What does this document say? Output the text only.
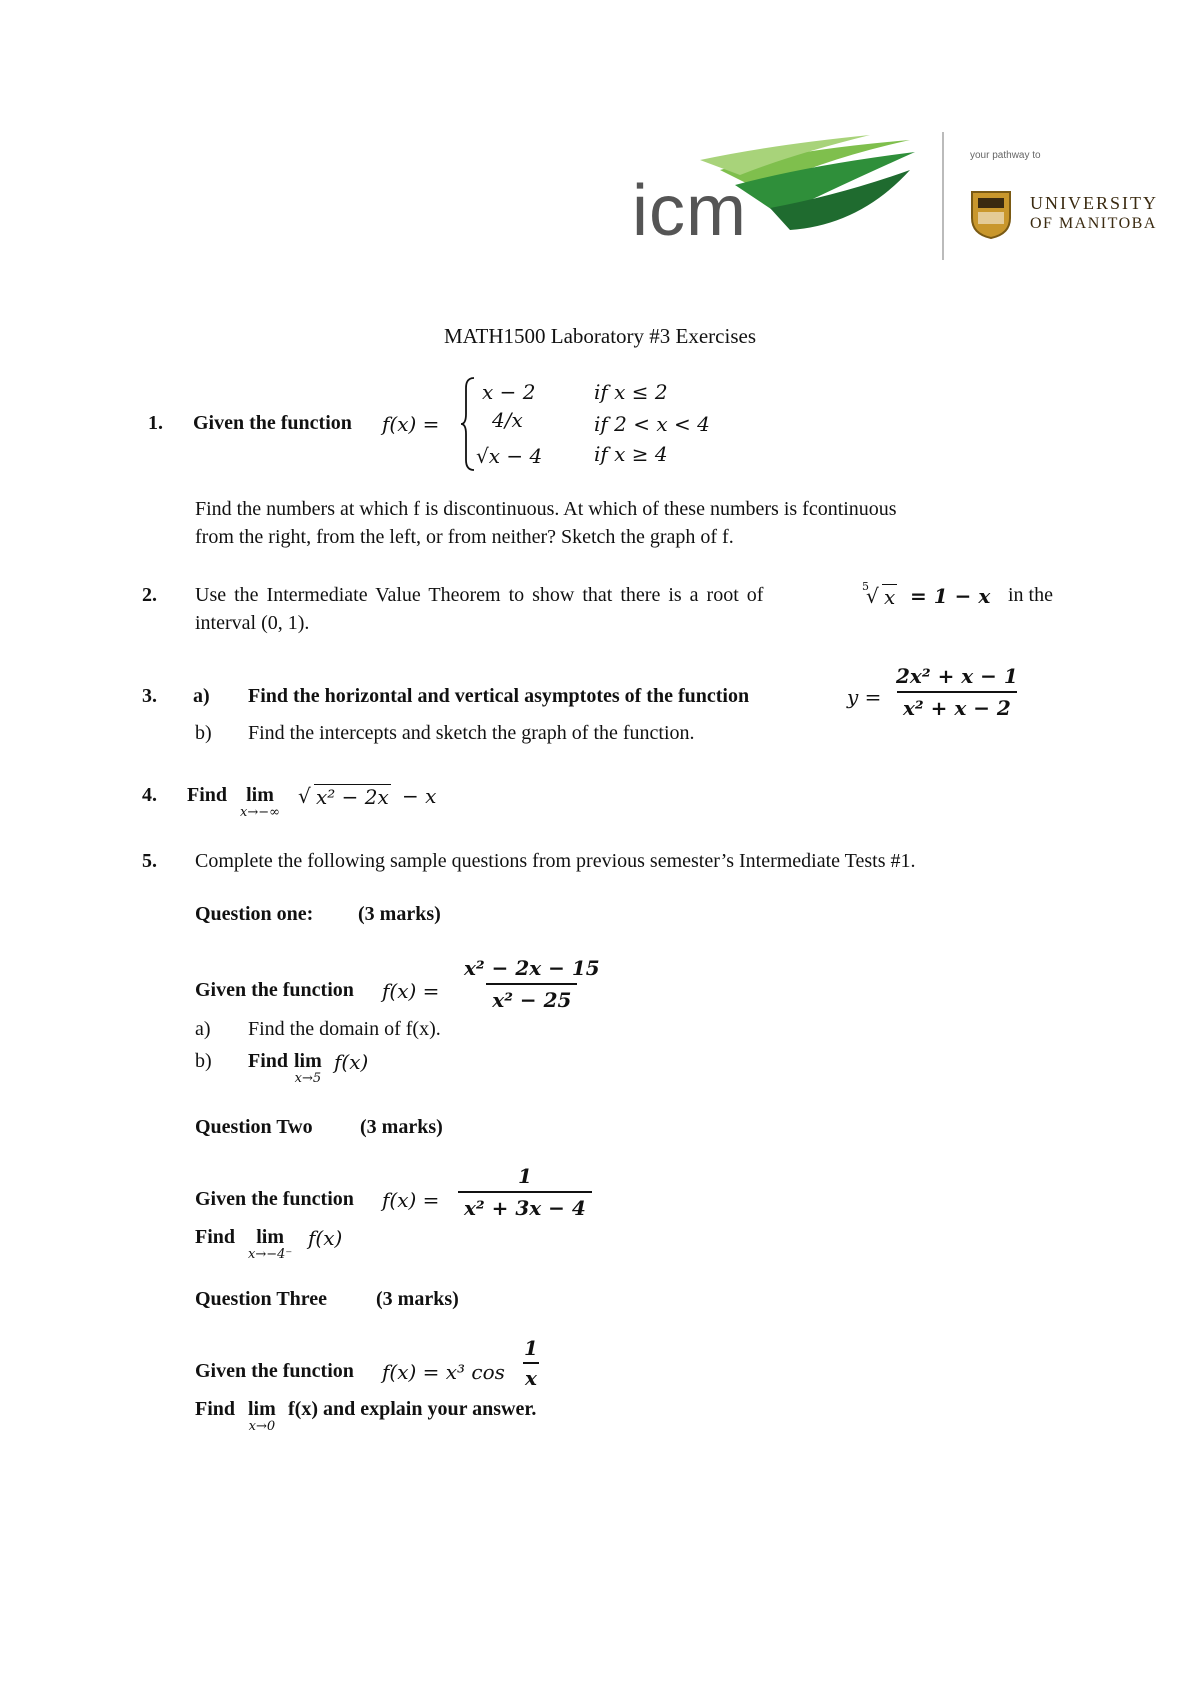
icm
your pathway to
UNIVERSITY
OF MANITOBA
MATH1500 Laboratory #3 Exercises
1. Given the function f(x) =
x − 2	if x ≤ 2
4/x	if 2 < x < 4
√x − 4	if x ≥ 4
Find the numbers at which f is discontinuous. At which of these numbers is fcontinuous
from the right, from the left, or from neither? Sketch the graph of f.
2. Use the Intermediate Value Theorem to show that there is a root of	5
√ x = 1 − x in the
interval (0, 1).
3. a) Find the horizontal and vertical asymptotes of the function	$y = \frac{\text{2x² + x − 1}}{\text{x² + x − 2}}$
b) Find the intercepts and sketch the graph of the function.
4. Find lim
x→−∞
√ x² − 2x − x
5. Complete the following sample questions from previous semester’s Intermediate Tests #1.
Question one: (3 marks)
Given the function $f(x) = \frac{\text{x² − 2x − 15}}{\text{x² − 25}}$
a) Find the domain of f(x).
b) Find lim
x→5
f(x)
Question Two (3 marks)
Given the function $f(x) = \frac{1}{\text{x² + 3x − 4}}$
Find lim
x→−4⁻
f(x)
Question Three (3 marks)
Given the function f(x) = x³ $\cos \frac{1}{x}$
Find lim
x→0
f(x) and explain your answer.
